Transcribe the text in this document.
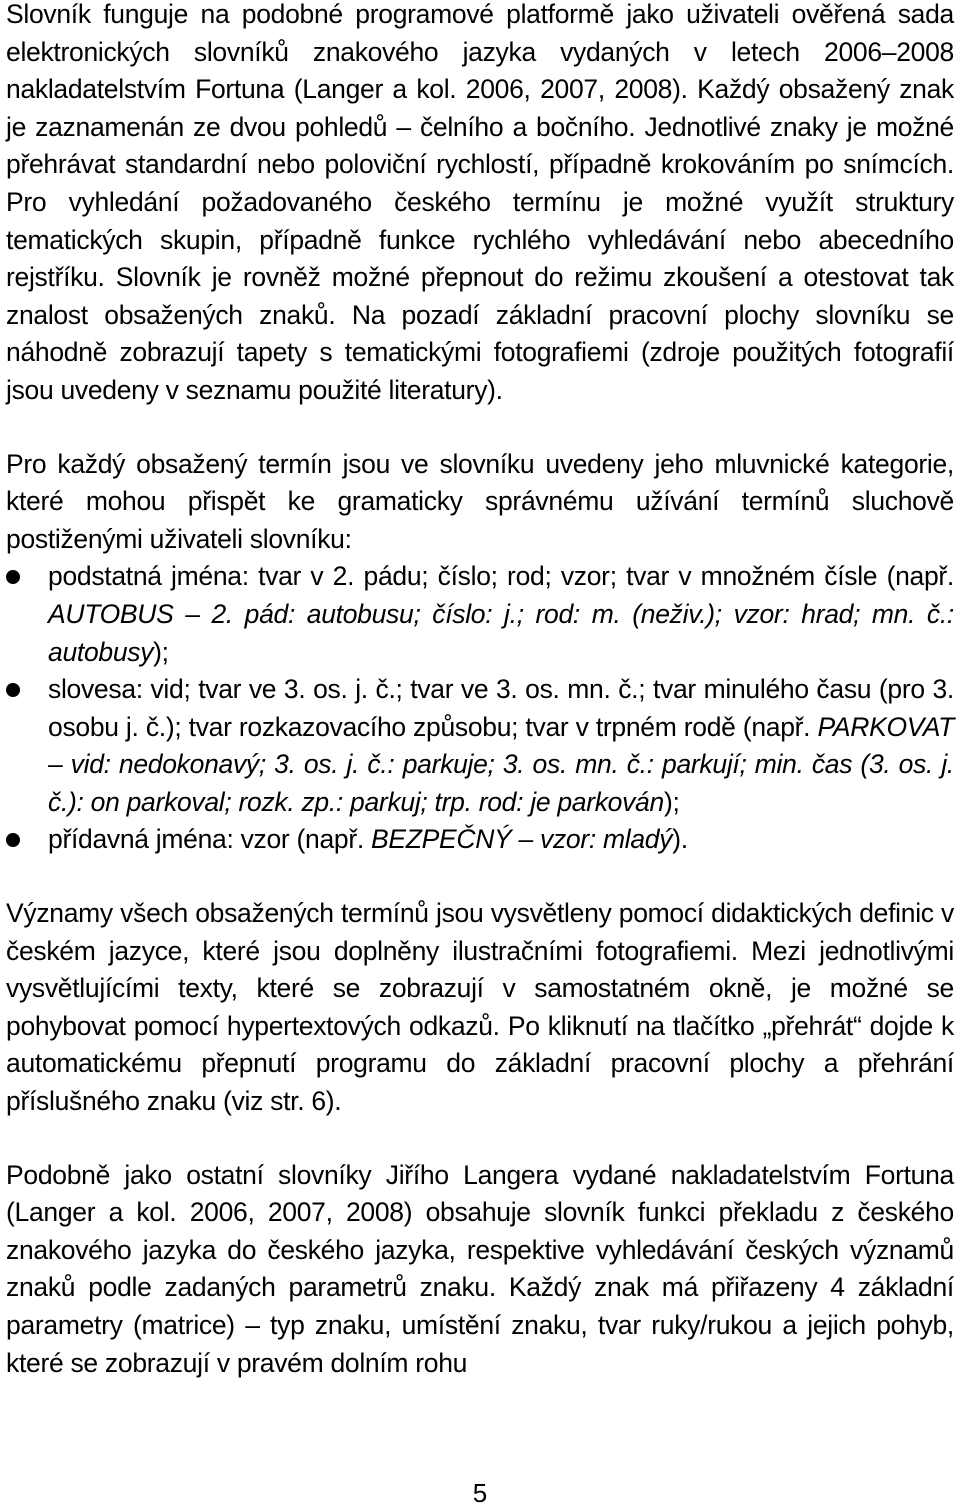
Slovník funguje na podobné programové platformě jako uživateli ověřená sada elektronických slovníků znakového jazyka vydaných v letech 2006–2008 nakladatelstvím Fortuna (Langer a kol. 2006, 2007, 2008). Každý obsažený znak je zaznamenán ze dvou pohledů – čelního a bočního. Jednotlivé znaky je možné přehrávat standardní nebo poloviční rychlostí, případně krokováním po snímcích. Pro vyhledání požadovaného českého termínu je možné využít struktury tematických skupin, případně funkce rychlého vyhledávání nebo abecedního rejstříku. Slovník je rovněž možné přepnout do režimu zkoušení a otestovat tak znalost obsažených znaků. Na pozadí základní pracovní plochy slovníku se náhodně zobrazují tapety s tematickými fotografiemi (zdroje použitých fotografií jsou uvedeny v seznamu použité literatury).

Pro každý obsažený termín jsou ve slovníku uvedeny jeho mluvnické kategorie, které mohou přispět ke gramaticky správnému užívání termínů sluchově postiženými uživateli slovníku:

podstatná jména: tvar v 2. pádu; číslo; rod; vzor; tvar v množném čísle (např. AUTOBUS – 2. pád: autobusu; číslo: j.; rod: m. (neživ.); vzor: hrad; mn. č.: autobusy);
slovesa: vid; tvar ve 3. os. j. č.; tvar ve 3. os. mn. č.; tvar minulého času (pro 3. osobu j. č.); tvar rozkazovacího způsobu; tvar v trpném rodě (např. PARKOVAT – vid: nedokonavý; 3. os. j. č.: parkuje; 3. os. mn. č.: parkují; min. čas (3. os. j. č.): on parkoval; rozk. zp.: parkuj; trp. rod: je parkován);
přídavná jména: vzor (např. BEZPEČNÝ – vzor: mladý).

Významy všech obsažených termínů jsou vysvětleny pomocí didaktických definic v českém jazyce, které jsou doplněny ilustračními fotografiemi. Mezi jednotlivými vysvětlujícími texty, které se zobrazují v samostatném okně, je možné se pohybovat pomocí hypertextových odkazů. Po kliknutí na tlačítko „přehrát“ dojde k automatickému přepnutí programu do základní pracovní plochy a přehrání příslušného znaku (viz str. 6).

Podobně jako ostatní slovníky Jiřího Langera vydané nakladatelstvím Fortuna (Langer a kol. 2006, 2007, 2008) obsahuje slovník funkci překladu z českého znakového jazyka do českého jazyka, respektive vyhledávání českých významů znaků podle zadaných parametrů znaku. Každý znak má přiřazeny 4 základní parametry (matrice) – typ znaku, umístění znaku, tvar ruky/rukou a jejich pohyb, které se zobrazují v pravém dolním rohu

5
